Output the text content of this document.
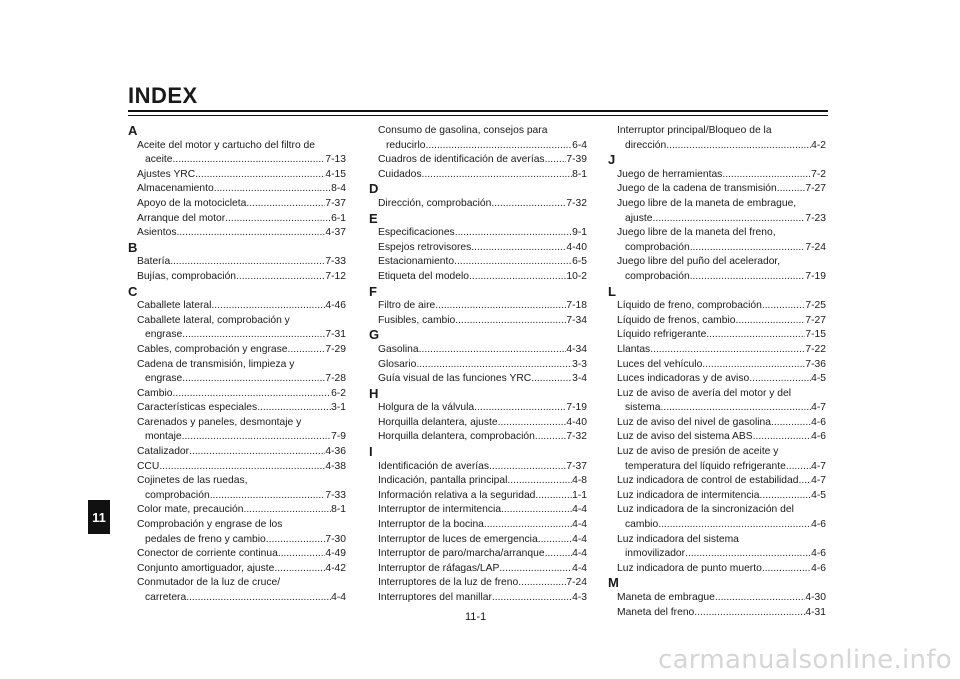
INDEX
11
A
Aceite del motor y cartucho del filtro de
aceite .....	7-13
Ajustes YRC .....	4-15
Almacenamiento .....	8-4
Apoyo de la motocicleta .....	7-37
Arranque del motor .....	6-1
Asientos .....	4-37
B
Batería .....	7-33
Bujías, comprobación .....	7-12
C
Caballete lateral .....	4-46
Caballete lateral, comprobación y
engrase .....	7-31
Cables, comprobación y engrase .....	7-29
Cadena de transmisión, limpieza y
engrase .....	7-28
Cambio .....	6-2
Características especiales .....	3-1
Carenados y paneles, desmontaje y
montaje .....	7-9
Catalizador .....	4-36
CCU .....	4-38
Cojinetes de las ruedas,
comprobación .....	7-33
Color mate, precaución .....	8-1
Comprobación y engrase de los
pedales de freno y cambio .....	7-30
Conector de corriente continua .....	4-49
Conjunto amortiguador, ajuste .....	4-42
Conmutador de la luz de cruce/
carretera .....	4-4
Consumo de gasolina, consejos para
reducirlo .....	6-4
Cuadros de identificación de averías ..... 7-39
Cuidados .....	8-1
D
Dirección, comprobación .....	7-32
E
Especificaciones .....	9-1
Espejos retrovisores .....	4-40
Estacionamiento .....	6-5
Etiqueta del modelo .....	10-2
F
Filtro de aire .....	7-18
Fusibles, cambio .....	7-34
G
Gasolina .....	4-34
Glosario .....	3-3
Guía visual de las funciones YRC .....	3-4
H
Holgura de la válvula .....	7-19
Horquilla delantera, ajuste .....	4-40
Horquilla delantera, comprobación .....	7-32
I
Identificación de averías .....	7-37
Indicación, pantalla principal .....	4-8
Información relativa a la seguridad .....	1-1
Interruptor de intermitencia .....	4-4
Interruptor de la bocina .....	4-4
Interruptor de luces de emergencia .....	4-4
Interruptor de paro/marcha/arranque .....	4-4
Interruptor de ráfagas/LAP .....	4-4
Interruptores de la luz de freno .....	7-24
Interruptores del manillar .....	4-3
Interruptor principal/Bloqueo de la
dirección .....	4-2
J
Juego de herramientas .....	7-2
Juego de la cadena de transmisión .....	7-27
Juego libre de la maneta de embrague,
ajuste .....	7-23
Juego libre de la maneta del freno,
comprobación .....	7-24
Juego libre del puño del acelerador,
comprobación .....	7-19
L
Líquido de freno, comprobación .....	7-25
Líquido de frenos, cambio .....	7-27
Líquido refrigerante .....	7-15
Llantas .....	7-22
Luces del vehículo .....	7-36
Luces indicadoras y de aviso .....	4-5
Luz de aviso de avería del motor y del
sistema .....	4-7
Luz de aviso del nivel de gasolina .....	4-6
Luz de aviso del sistema ABS .....	4-6
Luz de aviso de presión de aceite y
temperatura del líquido refrigerante ..... 4-7
Luz indicadora de control de estabilidad ..... 4-7
Luz indicadora de intermitencia .....	4-5
Luz indicadora de la sincronización del
cambio .....	4-6
Luz indicadora del sistema
inmovilizador .....	4-6
Luz indicadora de punto muerto .....	4-6
M
Maneta de embrague .....	4-30
Maneta del freno .....	4-31
11-1
carmanualsonline.info
